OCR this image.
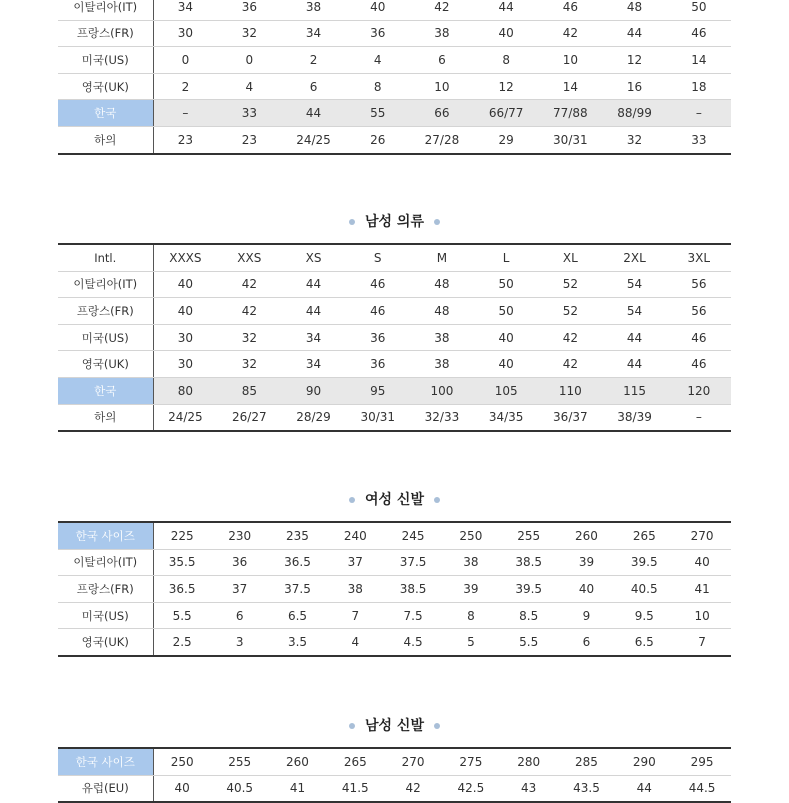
이탈리아(IT)	34	36	38	40	42	44	46	48	50
프랑스(FR)	30	32	34	36	38	40	42	44	46
미국(US)	0	0	2	4	6	8	10	12	14
영국(UK)	2	4	6	8	10	12	14	16	18
한국	–	33	44	55	66	66/77	77/88	88/99	–
하의	23	23	24/25	26	27/28	29	30/31	32	33
남성 의류
Intl.	XXXS	XXS	XS	S	M	L	XL	2XL	3XL
이탈리아(IT)	40	42	44	46	48	50	52	54	56
프랑스(FR)	40	42	44	46	48	50	52	54	56
미국(US)	30	32	34	36	38	40	42	44	46
영국(UK)	30	32	34	36	38	40	42	44	46
한국	80	85	90	95	100	105	110	115	120
하의	24/25	26/27	28/29	30/31	32/33	34/35	36/37	38/39	–
여성 신발
한국 사이즈	225	230	235	240	245	250	255	260	265	270
이탈리아(IT)	35.5	36	36.5	37	37.5	38	38.5	39	39.5	40
프랑스(FR)	36.5	37	37.5	38	38.5	39	39.5	40	40.5	41
미국(US)	5.5	6	6.5	7	7.5	8	8.5	9	9.5	10
영국(UK)	2.5	3	3.5	4	4.5	5	5.5	6	6.5	7
남성 신발
한국 사이즈	250	255	260	265	270	275	280	285	290	295
유럽(EU)	40	40.5	41	41.5	42	42.5	43	43.5	44	44.5
